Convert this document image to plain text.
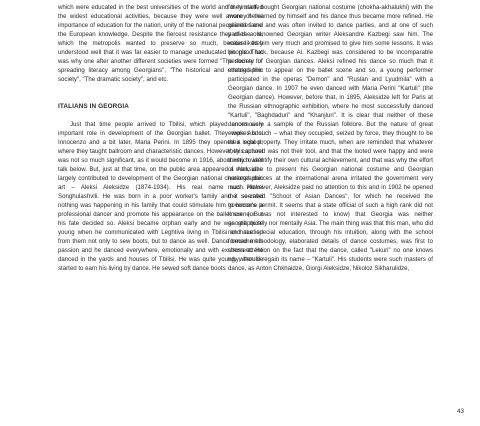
which were educated in the best universities of the world and they started the widest educational activities, because they were well aware of the importance of education for the nation, unity of the national peculiarities and the European knowledge. Despite the fiercest resistance they of the old, which the metropolis wanted to preserve so much, because they understood well that it was far easier to manage uneducated people. That was why one after another different societies were formed "The society for spreading literacy among Georgians", "The historical and ethnographic society", "The dramatic society", and etc.

ITALIANS IN GEORGIA

Just that time people arrived to Tbilisi, which played enormously important role in development of the Georgian ballet. They were Abdol Innocenzo and a bit later, Maria Perini. In 1895 they opened a school, where they taught ballroom and characteristic dances. However, this school was not so much significant, as it would become in 1916, about which we'll talk below. But, just at that time, on the public area appeared a man, who largely contributed to development of the Georgian national choreographic art – Aleksi Aleksidze (1874-1934). His real name was Aleksi Songhulashvili. He was born in a poor worker's family and it seemed nothing was happening in his family that could stimulate him to become a professional dancer and promote his appearance on the ballet scene. But his fate decided so. Aleksi became orphan early and he was still quite young when he communicated with Leghtiva living in Tbilisi and studied from them not only to sew boots, but to dance as well. Dance became his passion and he danced everywhere, emotionally and with excitement. He danced in the yards and houses of Tbilisi. He was quite young, when he started to earn his living by dance. He sewed soft dance boots

for himself, bought Georgian national costume (chokha-akhalukhi) with the money he earned by himself and his dance thus became more refined. He gained fame and was often invited to dance parties, and at one of such parties a renowned Georgian writer Aleksandre Kazbegi saw him. The writer liked him very much and promised to give him some lessons. It was his good luck, because Al. Kazbegi was considered to be incomparable performer of Georgian dances. Aleksi refined his dance so much that it enabled him to appear on the ballet scene and so, a young performer participated in the operas "Demon" and "Ruslan and Lyudmila" with a Georgian dance. In 1907 he even danced with Maria Perini "Kartuli" (the Georgian dance). However, before that, in 1895, Aleksidze left for Paris at the Russian ethnographic exhibition, where he most successfully danced "Kartuli", "Baghdaduri" and "Khanjluri". It is clear that neither of these dances were a sample of the Russian folklore. But the nature of great empires is such – what they occupied, seized by force, they thought to be their legal property. They irritate much, when are reminded that whatever they captured was not their tool, and that the looted were happy and were thirsty to identify their own cultural achievement, and that was why the effort of Aleksidze to present his Georgian national costume and Georgian national dances at the international arena irritated the government very much. However, Aleksidze paid no attention to this and in 1902 he opened the so-called "School of Asian Dances", for which he received the governor's permit. It seems that a state official of such a high rank did not know (or was not interested to know) that Georgia was neither geographically nor mentally Asia. The main thing was that this man, who did not have special education, through his intuition, along with the school formed methodology, elaborated details of dance costumes, was first to stress attention on the fact that the dance, called "Lekuri" no one knows why, should regain its name – "Kartuli". His students were such masters of dance, as Anton Chkhaidze, Giorgi Aleksidze, Nikoloz Sikharulidze,

43
